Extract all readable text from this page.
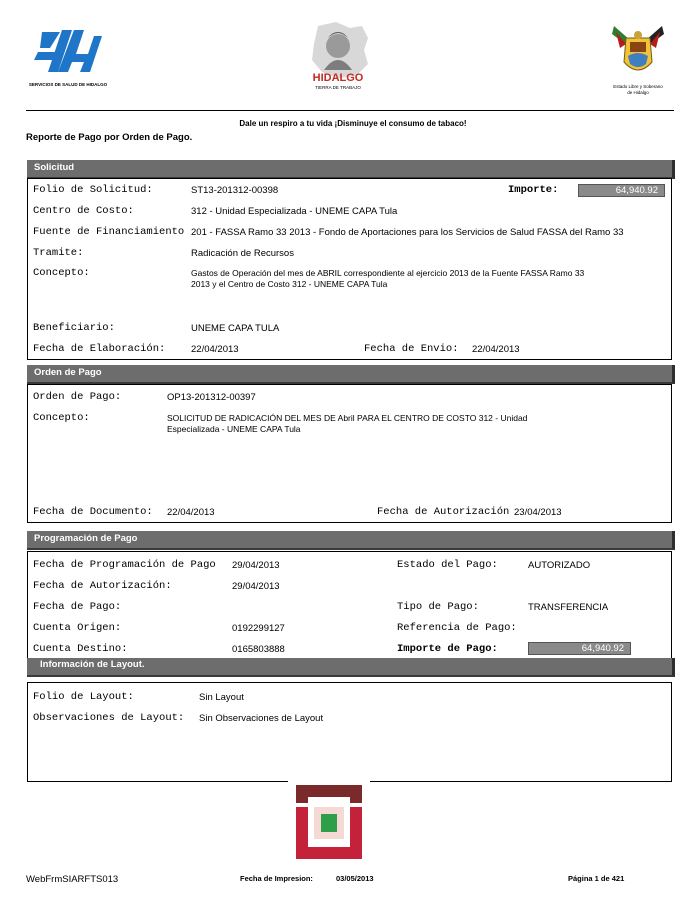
SERVICIOS DE SALUD DE HIDALGO
HIDALGO
TIERRA DE TRABAJO	Estado Libre y Soberano
de Hidalgo
Dale un respiro a tu vida ¡Disminuye el consumo de tabaco!
Reporte de Pago por Orden de Pago.
Solicitud
Folio de Solicitud:	ST13-201312-00398	Importe:	64,940.92
Centro de Costo:	312 - Unidad Especializada - UNEME CAPA Tula
Fuente de Financiamiento 201 - FASSA Ramo 33 2013 - Fondo de Aportaciones para los Servicios de Salud FASSA del Ramo 33
Tramite:	Radicación de Recursos
Concepto:	Gastos de Operación del mes de ABRIL correspondiente al ejercicio 2013 de la Fuente FASSA Ramo 33 2013 y el Centro de Costo 312 - UNEME CAPA Tula
Beneficiario:	UNEME CAPA TULA
Fecha de Elaboración:	22/04/2013	Fecha de Envio: 22/04/2013
Orden de Pago
Orden de Pago:	OP13-201312-00397
Concepto:	SOLICITUD DE RADICACIÓN DEL MES DE Abril PARA EL CENTRO DE COSTO 312 - Unidad Especializada - UNEME CAPA Tula
Fecha de Documento: 22/04/2013	Fecha de Autorización 23/04/2013
Programación de Pago
Fecha de Programación de Pago 29/04/2013	Estado del Pago:	AUTORIZADO
Fecha de Autorización:	29/04/2013
Fecha de Pago:	Tipo de Pago:	TRANSFERENCIA
Cuenta Origen:	0192299127	Referencia de Pago:
Cuenta Destino:	0165803888	Importe de Pago:	64,940.92
Información de Layout.
Folio de Layout:	Sin Layout
Observaciones de Layout: Sin Observaciones de Layout
WebFrmSIARFTS013	Fecha de Impresion:	03/05/2013	Página 1 de 421
